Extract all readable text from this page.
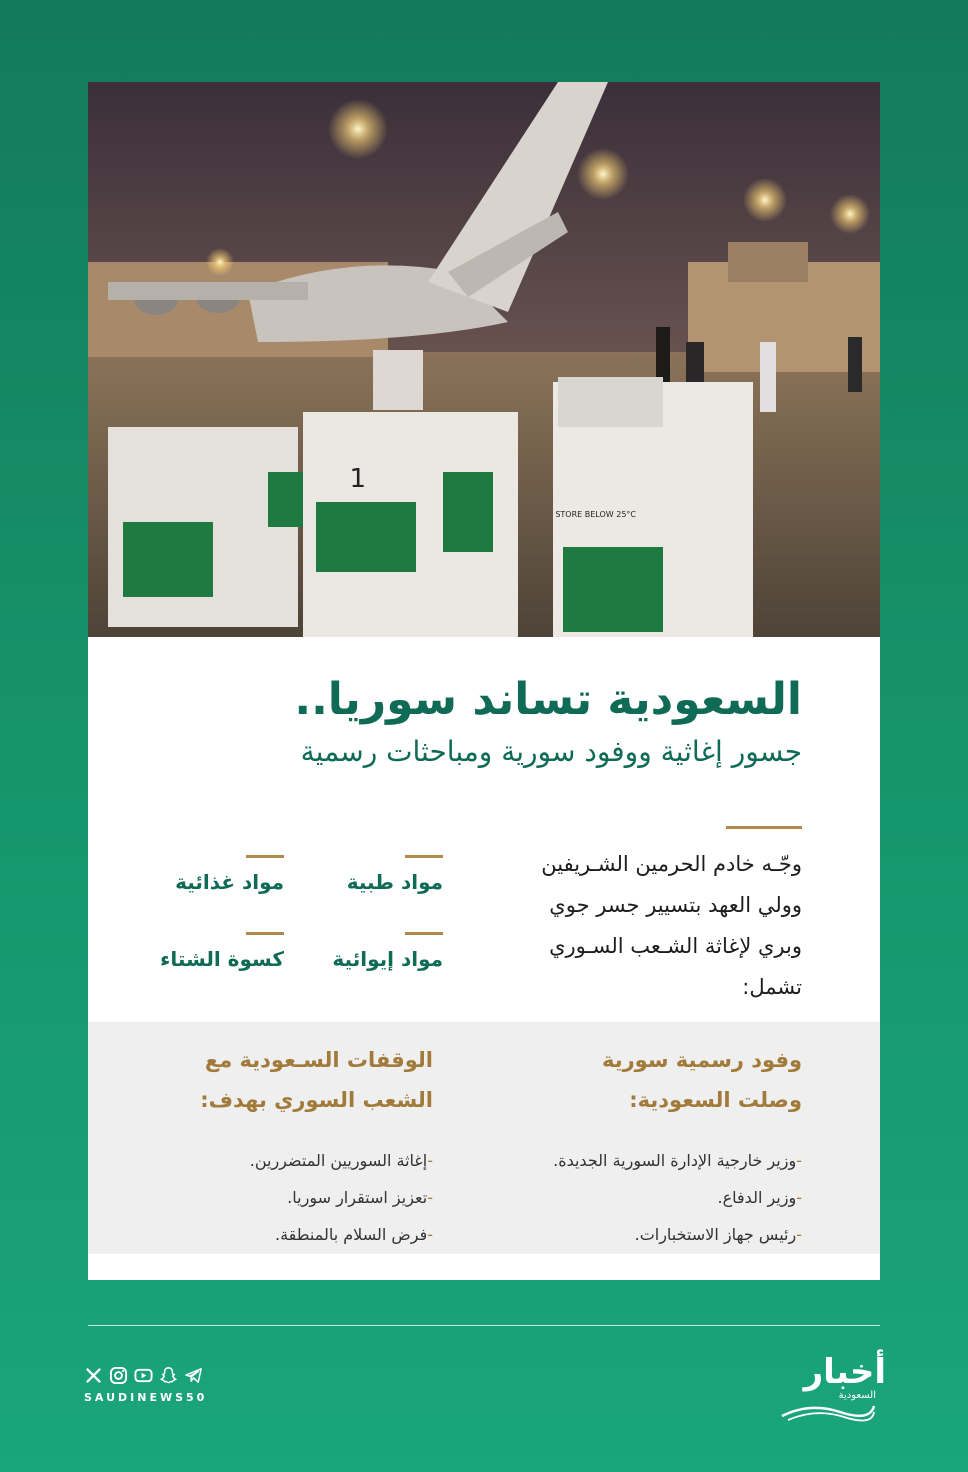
1
STORE BELOW 25°C
السعودية تساند سوريا..
جسور إغاثية ووفود سورية ومباحثات رسمية
وجّـه خادم الحرمين الشـريفين
وولي العهد بتسيير جسر جوي
وبري لإغاثة الشـعب السـوري
تشمل:
مواد طبية
مواد غذائية
مواد إيوائية
كسوة الشتاء
وفود رسمية سورية
وصلت السعودية:
-وزير خارجية الإدارة السورية الجديدة.
-وزير الدفاع.
-رئيس جهاز الاستخبارات.
الوقفات السـعودية مع
الشعب السوري بهدف:
-إغاثة السوريين المتضررين.
-تعزيز استقرار سوريا.
-فرض السلام بالمنطقة.
SAUDINEWS50
أخبار
السعودية
